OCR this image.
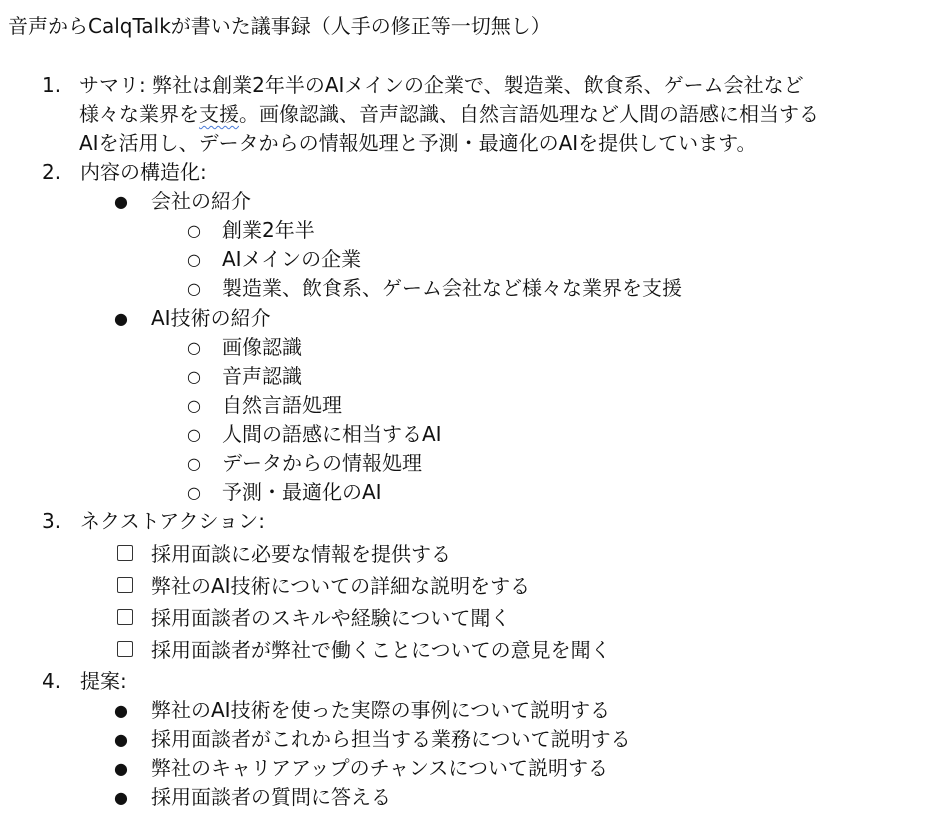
音声からCalqTalkが書いた議事録（人手の修正等一切無し）
1. サマリ: 弊社は創業2年半のAIメインの企業で、製造業、飲食系、ゲーム会社など
様々な業界を支援。画像認識、音声認識、自然言語処理など人間の語感に相当する
AIを活用し、データからの情報処理と予測・最適化のAIを提供しています。
2. 内容の構造化:
● 会社の紹介
○ 創業2年半
○ AIメインの企業
○ 製造業、飲食系、ゲーム会社など様々な業界を支援
● AI技術の紹介
○ 画像認識
○ 音声認識
○ 自然言語処理
○ 人間の語感に相当するAI
○ データからの情報処理
○ 予測・最適化のAI
3. ネクストアクション:
採用面談に必要な情報を提供する
弊社のAI技術についての詳細な説明をする
採用面談者のスキルや経験について聞く
採用面談者が弊社で働くことについての意見を聞く
4. 提案:
● 弊社のAI技術を使った実際の事例について説明する
● 採用面談者がこれから担当する業務について説明する
● 弊社のキャリアアップのチャンスについて説明する
● 採用面談者の質問に答える
